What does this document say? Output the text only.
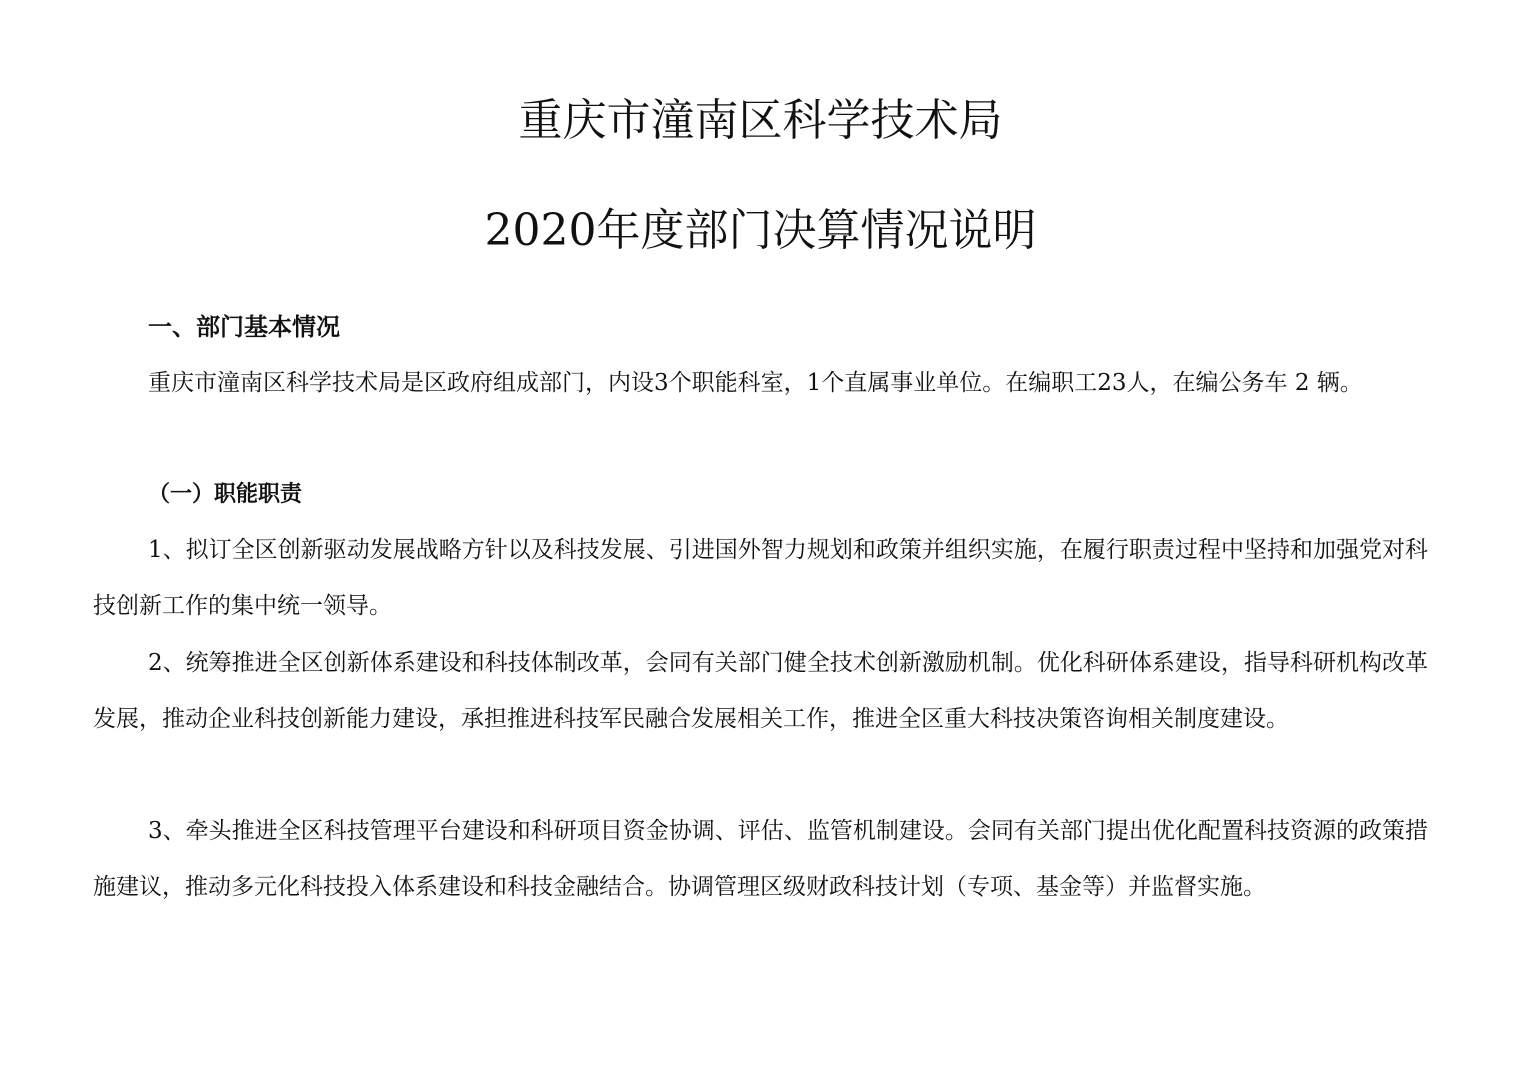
重庆市潼南区科学技术局
2020年度部门决算情况说明
一、部门基本情况

重庆市潼南区科学技术局是区政府组成部门，内设3个职能科室，1个直属事业单位。在编职工23人，在编公务车 2 辆。

（一）职能职责

1、拟订全区创新驱动发展战略方针以及科技发展、引进国外智力规划和政策并组织实施，在履行职责过程中坚持和加强党对科技创新工作的集中统一领导。

2、统筹推进全区创新体系建设和科技体制改革，会同有关部门健全技术创新激励机制。优化科研体系建设，指导科研机构改革发展，推动企业科技创新能力建设，承担推进科技军民融合发展相关工作，推进全区重大科技决策咨询相关制度建设。

3、牵头推进全区科技管理平台建设和科研项目资金协调、评估、监管机制建设。会同有关部门提出优化配置科技资源的政策措施建议，推动多元化科技投入体系建设和科技金融结合。协调管理区级财政科技计划（专项、基金等）并监督实施。
